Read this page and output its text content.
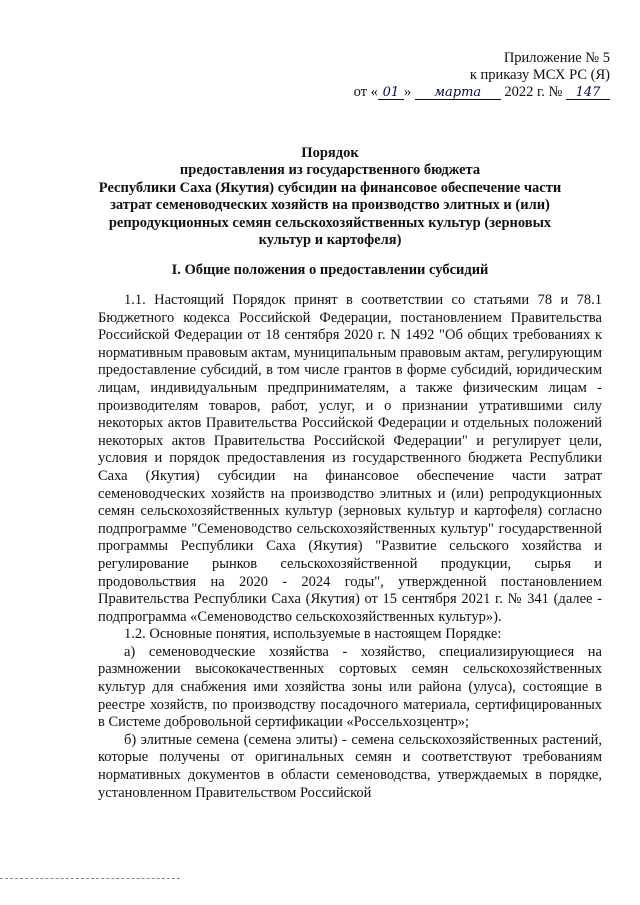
Приложение № 5
к приказу МСХ РС (Я)
от « 01 » марта 2022 г. № 147
Порядок
предоставления из государственного бюджета
Республики Саха (Якутия) субсидии на финансовое обеспечение части
затрат семеноводческих хозяйств на производство элитных и (или)
репродукционных семян сельскохозяйственных культур (зерновых
культур и картофеля)
I. Общие положения о предоставлении субсидий

1.1. Настоящий Порядок принят в соответствии со статьями 78 и 78.1 Бюджетного кодекса Российской Федерации, постановлением Правительства Российской Федерации от 18 сентября 2020 г. N 1492 "Об общих требованиях к нормативным правовым актам, муниципальным правовым актам, регулирующим предоставление субсидий, в том числе грантов в форме субсидий, юридическим лицам, индивидуальным предпринимателям, а также физическим лицам - производителям товаров, работ, услуг, и о признании утратившими силу некоторых актов Правительства Российской Федерации и отдельных положений некоторых актов Правительства Российской Федерации" и регулирует цели, условия и порядок предоставления из государственного бюджета Республики Саха (Якутия) субсидии на финансовое обеспечение части затрат семеноводческих хозяйств на производство элитных и (или) репродукционных семян сельскохозяйственных культур (зерновых культур и картофеля) согласно подпрограмме "Семеноводство сельскохозяйственных культур" государственной программы Республики Саха (Якутия) "Развитие сельского хозяйства и регулирование рынков сельскохозяйственной продукции, сырья и продовольствия на 2020 - 2024 годы", утвержденной постановлением Правительства Республики Саха (Якутия) от 15 сентября 2021 г. № 341 (далее - подпрограмма «Семеноводство сельскохозяйственных культур»).

1.2. Основные понятия, используемые в настоящем Порядке:

а) семеноводческие хозяйства - хозяйство, специализирующиеся на размножении высококачественных сортовых семян сельскохозяйственных культур для снабжения ими хозяйства зоны или района (улуса), состоящие в реестре хозяйств, по производству посадочного материала, сертифицированных в Системе добровольной сертификации «Россельхозцентр»;

б) элитные семена (семена элиты) - семена сельскохозяйственных растений, которые получены от оригинальных семян и соответствуют требованиям нормативных документов в области семеноводства, утверждаемых в порядке, установленном Правительством Российской
